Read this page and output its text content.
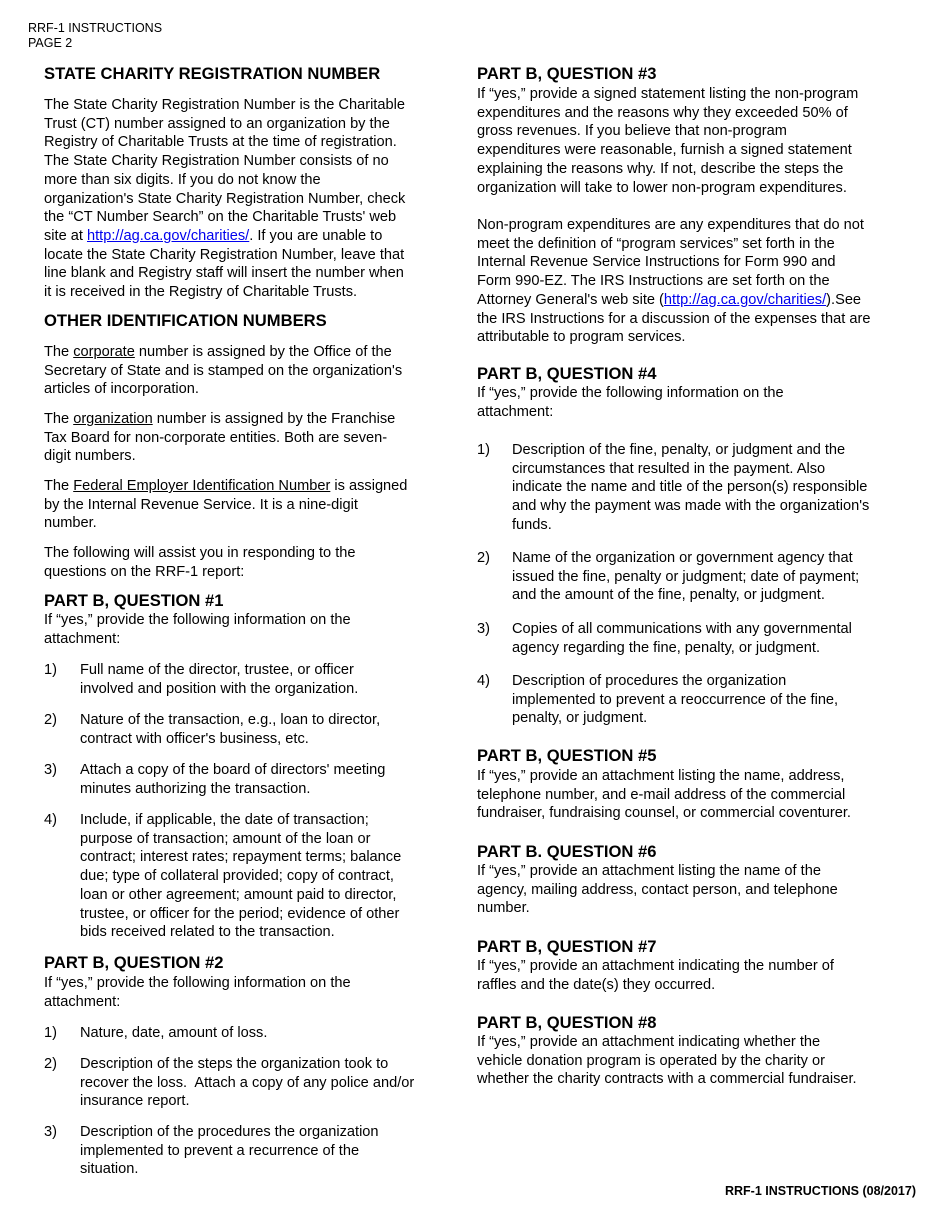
RRF-1 INSTRUCTIONS
PAGE 2
STATE CHARITY REGISTRATION NUMBER
The State Charity Registration Number is the Charitable
Trust (CT) number assigned to an organization by the
Registry of Charitable Trusts at the time of registration.
The State Charity Registration Number consists of no
more than six digits. If you do not know the
organization's State Charity Registration Number, check
the “CT Number Search” on the Charitable Trusts' web
site at http://ag.ca.gov/charities/. If you are unable to
locate the State Charity Registration Number, leave that
line blank and Registry staff will insert the number when
it is received in the Registry of Charitable Trusts.
OTHER IDENTIFICATION NUMBERS
The corporate number is assigned by the Office of the
Secretary of State and is stamped on the organization's
articles of incorporation.
The organization number is assigned by the Franchise
Tax Board for non-corporate entities. Both are seven-
digit numbers.
The Federal Employer Identification Number is assigned
by the Internal Revenue Service. It is a nine-digit
number.
The following will assist you in responding to the
questions on the RRF-1 report:
PART B, QUESTION #1
If “yes,” provide the following information on the
attachment:
1) Full name of the director, trustee, or officer
involved and position with the organization.
2) Nature of the transaction, e.g., loan to director,
contract with officer's business, etc.
3) Attach a copy of the board of directors' meeting
minutes authorizing the transaction.
4) Include, if applicable, the date of transaction;
purpose of transaction; amount of the loan or
contract; interest rates; repayment terms; balance
due; type of collateral provided; copy of contract,
loan or other agreement; amount paid to director,
trustee, or officer for the period; evidence of other
bids received related to the transaction.
PART B, QUESTION #2
If “yes,” provide the following information on the
attachment:
1) Nature, date, amount of loss.
2) Description of the steps the organization took to
recover the loss.  Attach a copy of any police and/or
insurance report.
3) Description of the procedures the organization
implemented to prevent a recurrence of the
situation.
PART B, QUESTION #3
If “yes,” provide a signed statement listing the non-program
expenditures and the reasons why they exceeded 50% of
gross revenues. If you believe that non-program
expenditures were reasonable, furnish a signed statement
explaining the reasons why. If not, describe the steps the
organization will take to lower non-program expenditures.
Non-program expenditures are any expenditures that do not
meet the definition of “program services” set forth in the
Internal Revenue Service Instructions for Form 990 and
Form 990-EZ. The IRS Instructions are set forth on the
Attorney General's web site (http://ag.ca.gov/charities/).See
the IRS Instructions for a discussion of the expenses that are
attributable to program services.
PART B, QUESTION #4
If “yes,” provide the following information on the
attachment:
1) Description of the fine, penalty, or judgment and the
circumstances that resulted in the payment. Also
indicate the name and title of the person(s) responsible
and why the payment was made with the organization's
funds.
2) Name of the organization or government agency that
issued the fine, penalty or judgment; date of payment;
and the amount of the fine, penalty, or judgment.
3) Copies of all communications with any governmental
agency regarding the fine, penalty, or judgment.
4) Description of procedures the organization
implemented to prevent a reoccurrence of the fine,
penalty, or judgment.
PART B, QUESTION #5
If “yes,” provide an attachment listing the name, address,
telephone number, and e-mail address of the commercial
fundraiser, fundraising counsel, or commercial coventurer.
PART B. QUESTION #6
If “yes,” provide an attachment listing the name of the
agency, mailing address, contact person, and telephone
number.
PART B, QUESTION #7
If “yes,” provide an attachment indicating the number of
raffles and the date(s) they occurred.
PART B, QUESTION #8
If “yes,” provide an attachment indicating whether the
vehicle donation program is operated by the charity or
whether the charity contracts with a commercial fundraiser.
RRF-1 INSTRUCTIONS (08/2017)
